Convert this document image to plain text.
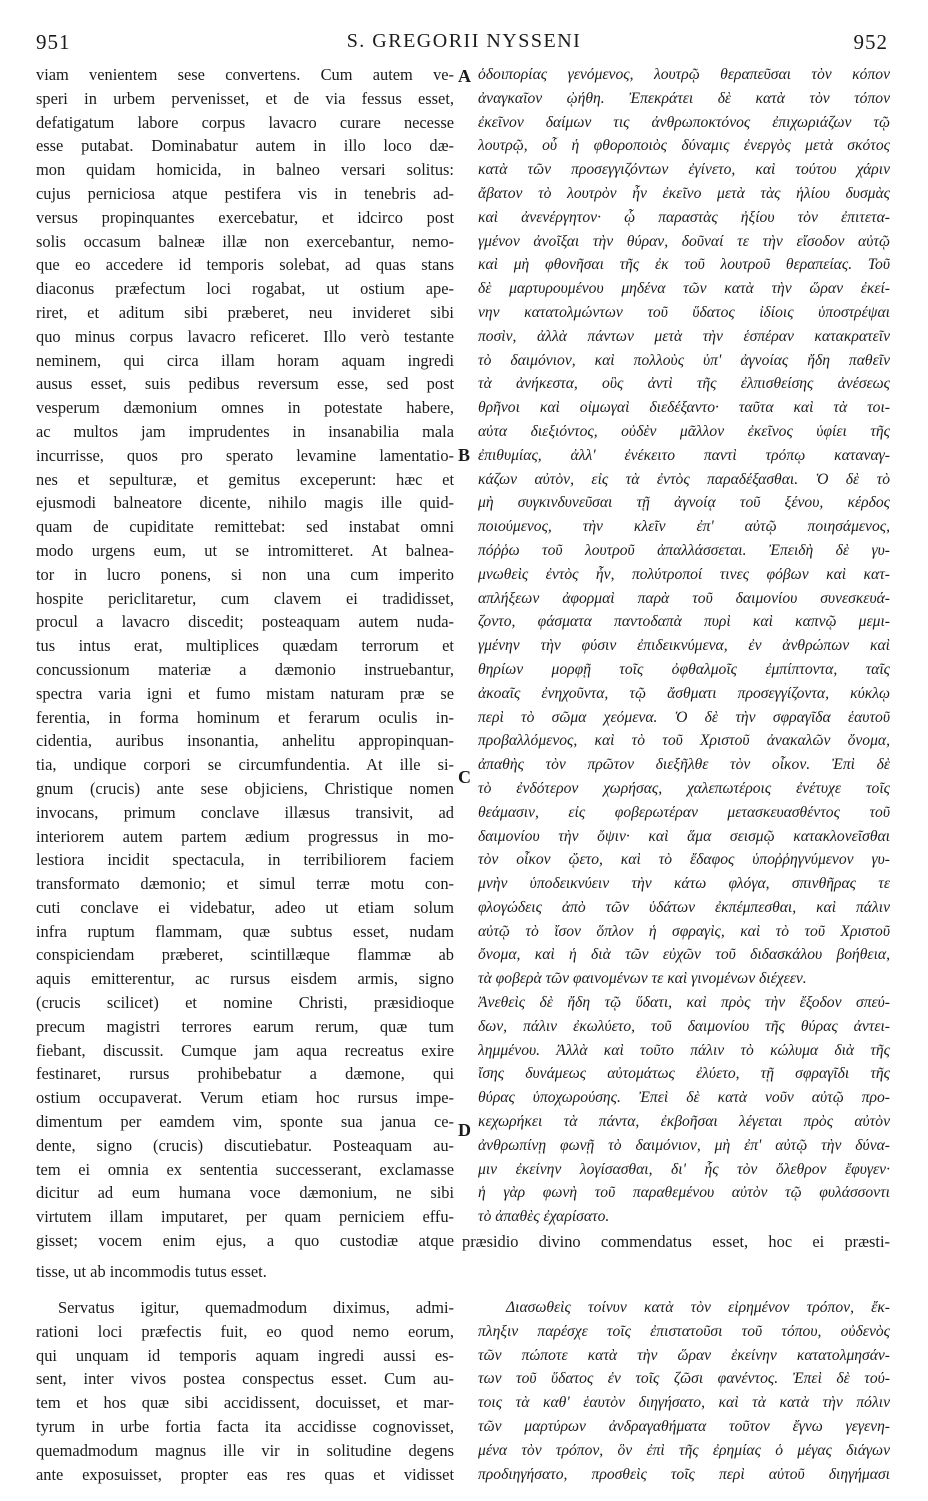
951	S. GREGORII NYSSENI	952
A
B
C
D
viam venientem sese convertens. Cum autem ve-
speri in urbem pervenisset, et de via fessus esset,
defatigatum labore corpus lavacro curare necesse
esse putabat. Dominabatur autem in illo loco dæ-
mon quidam homicida, in balneo versari solitus:
cujus perniciosa atque pestifera vis in tenebris ad-
versus propinquantes exercebatur, et idcirco post
solis occasum balneæ illæ non exercebantur, nemo-
que eo accedere id temporis solebat, ad quas stans
diaconus præfectum loci rogabat, ut ostium ape-
riret, et aditum sibi præberet, neu invideret sibi
quo minus corpus lavacro reficeret. Illo verò testante
neminem, qui circa illam horam aquam ingredi
ausus esset, suis pedibus reversum esse, sed post
vesperum dæmonium omnes in potestate habere,
ac multos jam imprudentes in insanabilia mala
incurrisse, quos pro sperato levamine lamentatio-
nes et sepulturæ, et gemitus exceperunt: hæc et
ejusmodi balneatore dicente, nihilo magis ille quid-
quam de cupiditate remittebat: sed instabat omni
modo urgens eum, ut se intromitteret. At balnea-
tor in lucro ponens, si non una cum imperito
hospite periclitaretur, cum clavem ei tradidisset,
procul a lavacro discedit; posteaquam autem nuda-
tus intus erat, multiplices quædam terrorum et
concussionum materiæ a dæmonio instruebantur,
spectra varia igni et fumo mistam naturam præ se
ferentia, in forma hominum et ferarum oculis in-
cidentia, auribus insonantia, anhelitu appropinquan-
tia, undique corpori se circumfundentia. At ille si-
gnum (crucis) ante sese objiciens, Christique nomen
invocans, primum conclave illæsus transivit, ad
interiorem autem partem ædium progressus in mo-
lestiora incidit spectacula, in terribiliorem faciem
transformato dæmonio; et simul terræ motu con-
cuti conclave ei videbatur, adeo ut etiam solum
infra ruptum flammam, quæ subtus esset, nudam
conspiciendam præberet, scintillæque flammæ ab
aquis emitterentur, ac rursus eisdem armis, signo
(crucis scilicet) et nomine Christi, præsidioque
precum magistri terrores earum rerum, quæ tum
fiebant, discussit. Cumque jam aqua recreatus exire
festinaret, rursus prohibebatur a dæmone, qui
ostium occupaverat. Verum etiam hoc rursus impe-
dimentum per eamdem vim, sponte sua janua ce-
dente, signo (crucis) discutiebatur. Posteaquam au-
tem ei omnia ex sententia successerant, exclamasse
dicitur ad eum humana voce dæmonium, ne sibi
virtutem illam imputaret, per quam perniciem effu-
gisset; vocem enim ejus, a quo custodiæ atque
ὁδοιπορίας γενόμενος, λουτρῷ θεραπεῦσαι τὸν κόπον
ἀναγκαῖον ᾠήθη. Ἐπεκράτει δὲ κατὰ τὸν τόπον
ἐκεῖνον δαίμων τις ἀνθρωποκτόνος ἐπιχωριάζων τῷ
λουτρῷ, οὗ ἡ φθοροποιὸς δύναμις ἐνεργὸς μετὰ σκότος
κατὰ τῶν προσεγγιζόντων ἐγίνετο, καὶ τούτου χάριν
ἄβατον τὸ λουτρὸν ἦν ἐκεῖνο μετὰ τὰς ἡλίου δυσμὰς
καὶ ἀνενέργητον· ᾧ παραστὰς ἠξίου τὸν ἐπιτετα-
γμένον ἀνοῖξαι τὴν θύραν, δοῦναί τε τὴν εἴσοδον αὐτῷ
καὶ μὴ φθονῆσαι τῆς ἐκ τοῦ λουτροῦ θεραπείας. Τοῦ
δὲ μαρτυρουμένου μηδένα τῶν κατὰ τὴν ὥραν ἐκεί-
νην κατατολμώντων τοῦ ὕδατος ἰδίοις ὑποστρέψαι
ποσὶν, ἀλλὰ πάντων μετὰ τὴν ἑσπέραν κατακρατεῖν
τὸ δαιμόνιον, καὶ πολλοὺς ὑπ' ἀγνοίας ἤδη παθεῖν
τὰ ἀνήκεστα, οὓς ἀντὶ τῆς ἐλπισθείσης ἀνέσεως
θρῆνοι καὶ οἰμωγαὶ διεδέξαντο· ταῦτα καὶ τὰ τοι-
αὐτα διεξιόντος, οὐδὲν μᾶλλον ἐκεῖνος ὑφίει τῆς
ἐπιθυμίας, ἀλλ' ἐνέκειτο παντὶ τρόπῳ καταναγ-
κάζων αὐτὸν, εἰς τὰ ἐντὸς παραδέξασθαι. Ὁ δὲ τὸ
μὴ συγκινδυνεῦσαι τῇ ἀγνοίᾳ τοῦ ξένου, κέρδος
ποιούμενος, τὴν κλεῖν ἐπ' αὐτῷ ποιησάμενος,
πόῤῥω τοῦ λουτροῦ ἀπαλλάσσεται. Ἐπειδὴ δὲ γυ-
μνωθεὶς ἐντὸς ἦν, πολύτροποί τινες φόβων καὶ κατ-
απλήξεων ἀφορμαὶ παρὰ τοῦ δαιμονίου συνεσκευά-
ζοντο, φάσματα παντοδαπὰ πυρὶ καὶ καπνῷ μεμι-
γμένην τὴν φύσιν ἐπιδεικνύμενα, ἐν ἀνθρώπων καὶ
θηρίων μορφῇ τοῖς ὀφθαλμοῖς ἐμπίπτοντα, ταῖς
ἀκοαῖς ἐνηχοῦντα, τῷ ἄσθματι προσεγγίζοντα, κύκλῳ
περὶ τὸ σῶμα χεόμενα. Ὁ δὲ τὴν σφραγῖδα ἑαυτοῦ
προβαλλόμενος, καὶ τὸ τοῦ Χριστοῦ ἀνακαλῶν ὄνομα,
ἀπαθὴς τὸν πρῶτον διεξῆλθε τὸν οἶκον. Ἐπὶ δὲ
τὸ ἐνδότερον χωρήσας, χαλεπωτέροις ἐνέτυχε τοῖς
θεάμασιν, εἰς φοβερωτέραν μετασκευασθέντος τοῦ
δαιμονίου τὴν ὄψιν· καὶ ἅμα σεισμῷ κατακλονεῖσθαι
τὸν οἶκον ᾤετο, καὶ τὸ ἔδαφος ὑποῤῥηγνύμενον γυ-
μνὴν ὑποδεικνύειν τὴν κάτω φλόγα, σπινθῆρας τε
φλογώδεις ἀπὸ τῶν ὑδάτων ἐκπέμπεσθαι, καὶ πάλιν
αὐτῷ τὸ ἴσον ὅπλον ἡ σφραγὶς, καὶ τὸ τοῦ Χριστοῦ
ὄνομα, καὶ ἡ διὰ τῶν εὐχῶν τοῦ διδασκάλου βοήθεια,
τὰ φοβερὰ τῶν φαινομένων τε καὶ γινομένων διέχεεν.
Ἀνεθεὶς δὲ ἤδη τῷ ὕδατι, καὶ πρὸς τὴν ἔξοδον σπεύ-
δων, πάλιν ἐκωλύετο, τοῦ δαιμονίου τῆς θύρας ἀντει-
λημμένου. Ἀλλὰ καὶ τοῦτο πάλιν τὸ κώλυμα διὰ τῆς
ἴσης δυνάμεως αὐτομάτως ἐλύετο, τῇ σφραγῖδι τῆς
θύρας ὑποχωρούσης. Ἐπεὶ δὲ κατὰ νοῦν αὐτῷ προ-
κεχωρήκει τὰ πάντα, ἐκβοῆσαι λέγεται πρὸς αὐτὸν
ἀνθρωπίνῃ φωνῇ τὸ δαιμόνιον, μὴ ἐπ' αὐτῷ τὴν δύνα-
μιν ἐκείνην λογίσασθαι, δι' ἧς τὸν ὄλεθρον ἔφυγεν·
ἡ γὰρ φωνὴ τοῦ παραθεμένου αὐτὸν τῷ φυλάσσοντι
τὸ ἀπαθὲς ἐχαρίσατο.
præsidio divino commendatus esset, hoc ei præsti-
tisse, ut ab incommodis tutus esset.
Servatus igitur, quemadmodum diximus, admi-
rationi loci præfectis fuit, eo quod nemo eorum,
qui unquam id temporis aquam ingredi aussi es-
sent, inter vivos postea conspectus esset. Cum au-
tem et hos quæ sibi accidissent, docuisset, et mar-
tyrum in urbe fortia facta ita accidisse cognovisset,
quemadmodum magnus ille vir in solitudine degens
ante exposuisset, propter eas res quas et vidisset
Διασωθεὶς τοίνυν κατὰ τὸν εἰρημένον τρόπον, ἔκ-
πληξιν παρέσχε τοῖς ἐπιστατοῦσι τοῦ τόπου, οὐδενὸς
τῶν πώποτε κατὰ τὴν ὥραν ἐκείνην κατατολμησάν-
των τοῦ ὕδατος ἐν τοῖς ζῶσι φανέντος. Ἐπεὶ δὲ τού-
τοις τὰ καθ' ἑαυτὸν διηγήσατο, καὶ τὰ κατὰ τὴν πόλιν
τῶν μαρτύρων ἀνδραγαθήματα τοῦτον ἔγνω γεγενη-
μένα τὸν τρόπον, ὃν ἐπὶ τῆς ἐρημίας ὁ μέγας διάγων
προδιηγήσατο, προσθεὶς τοῖς περὶ αὐτοῦ διηγήμασι
